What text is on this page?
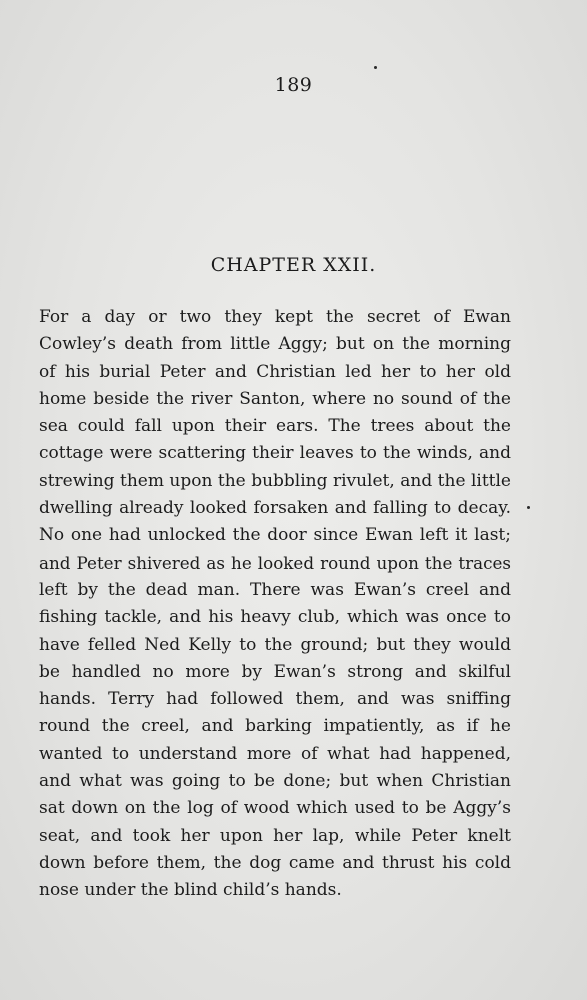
189
CHAPTER XXII.
For a day or two they kept the secret of Ewan
Cowley’s death from little Aggy; but on the morning
of his burial Peter and Christian led her to her old
home beside the river Santon, where no sound of the
sea could fall upon their ears. The trees about the
cottage were scattering their leaves to the winds, and
strewing them upon the bubbling rivulet, and the little
dwelling already looked forsaken and falling to decay.
No one had unlocked the door since Ewan left it last;
and Peter shivered as he looked round upon the traces
left by the dead man. There was Ewan’s creel and
fishing tackle, and his heavy club, which was once to
have felled Ned Kelly to the ground; but they would
be handled no more by Ewan’s strong and skilful
hands. Terry had followed them, and was sniffing
round the creel, and barking impatiently, as if he
wanted to understand more of what had happened,
and what was going to be done; but when Christian
sat down on the log of wood which used to be Aggy’s
seat, and took her upon her lap, while Peter knelt
down before them, the dog came and thrust his cold
nose under the blind child’s hands.
